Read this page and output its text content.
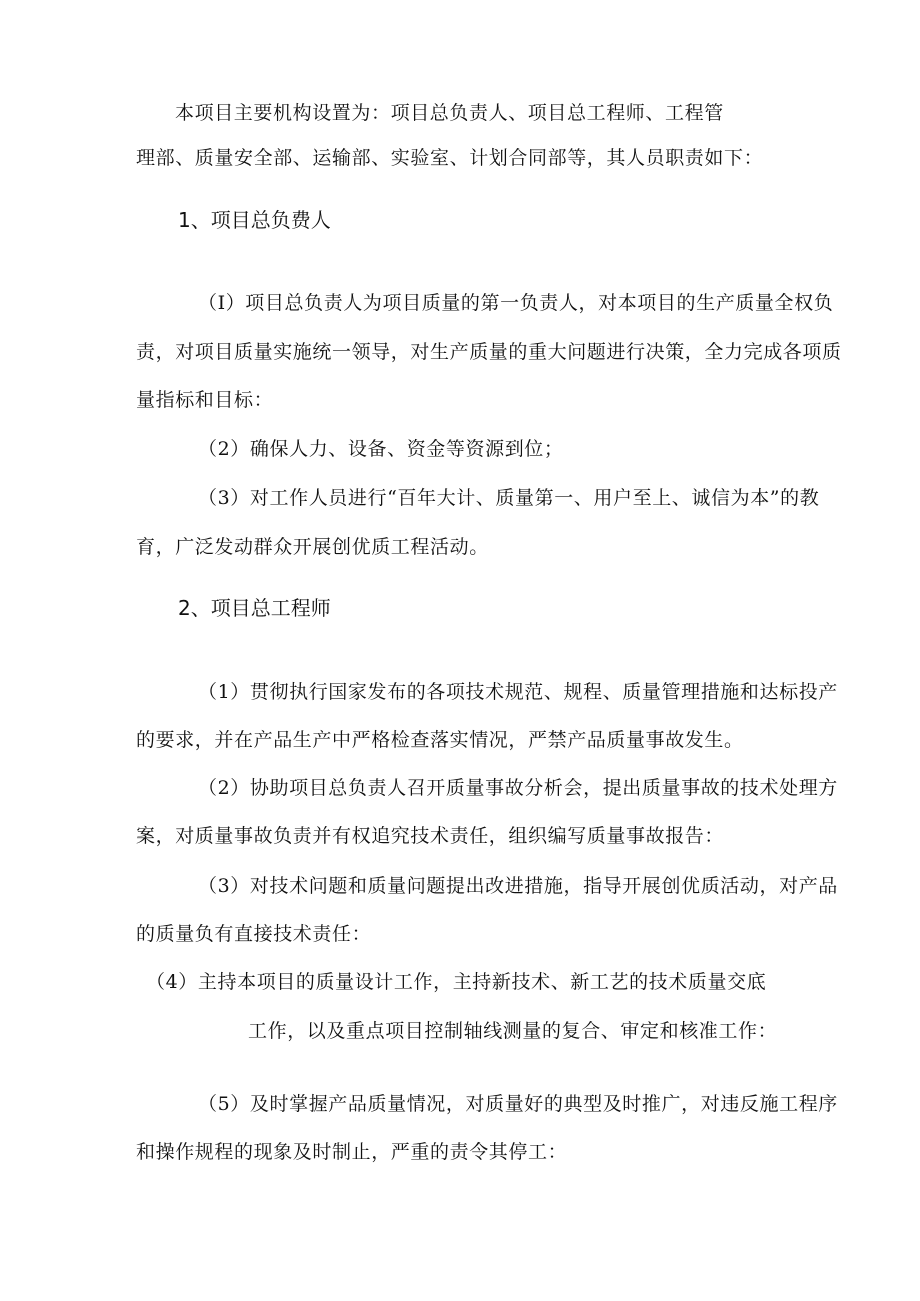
本项目主要机构设置为：项目总负责人、项目总工程师、工程管

理部、质量安全部、运输部、实验室、计划合同部等，其人员职责如下：

1、项目总负费人

（I）项目总负责人为项目质量的第一负责人，对本项目的生产质量全权负

责，对项目质量实施统一领导，对生产质量的重大问题进行决策，全力完成各项质

量指标和目标：

（2）确保人力、设备、资金等资源到位；

（3）对工作人员进行“百年大计、质量第一、用户至上、诚信为本”的教

育，广泛发动群众开展创优质工程活动。

2、项目总工程师

（1）贯彻执行国家发布的各项技术规范、规程、质量管理措施和达标投产

的要求，并在产品生产中严格检查落实情况，严禁产品质量事故发生。

（2）协助项目总负责人召开质量事故分析会，提出质量事故的技术处理方

案，对质量事故负责并有权追究技术责任，组织编写质量事故报告：

（3）对技术问题和质量问题提出改进措施，指导开展创优质活动，对产品

的质量负有直接技术责任：

（4）主持本项目的质量设计工作，主持新技术、新工艺的技术质量交底

工作，以及重点项目控制轴线测量的复合、审定和核准工作：

（5）及时掌握产品质量情况，对质量好的典型及时推广，对违反施工程序

和操作规程的现象及时制止，严重的责令其停工：
